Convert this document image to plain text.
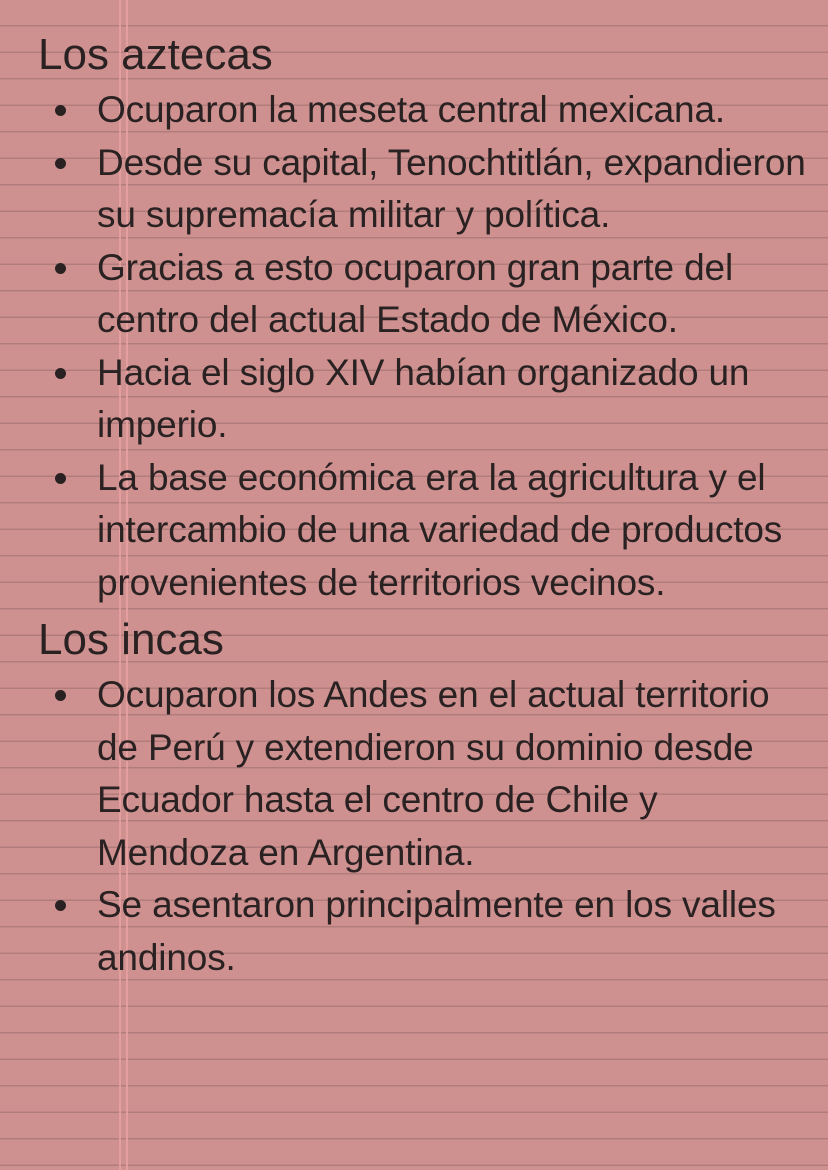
Los aztecas
Ocuparon la meseta central mexicana.
Desde su capital, Tenochtitlán, expandieron su supremacía militar y política.
Gracias a esto ocuparon gran parte del centro del actual Estado de México.
Hacia el siglo XIV habían organizado un imperio.
La base económica era la agricultura y el intercambio de una variedad de productos provenientes de territorios vecinos.
Los incas
Ocuparon los Andes en el actual territorio de Perú y extendieron su dominio desde Ecuador hasta el centro de Chile y Mendoza en Argentina.
Se asentaron principalmente en los valles andinos.
